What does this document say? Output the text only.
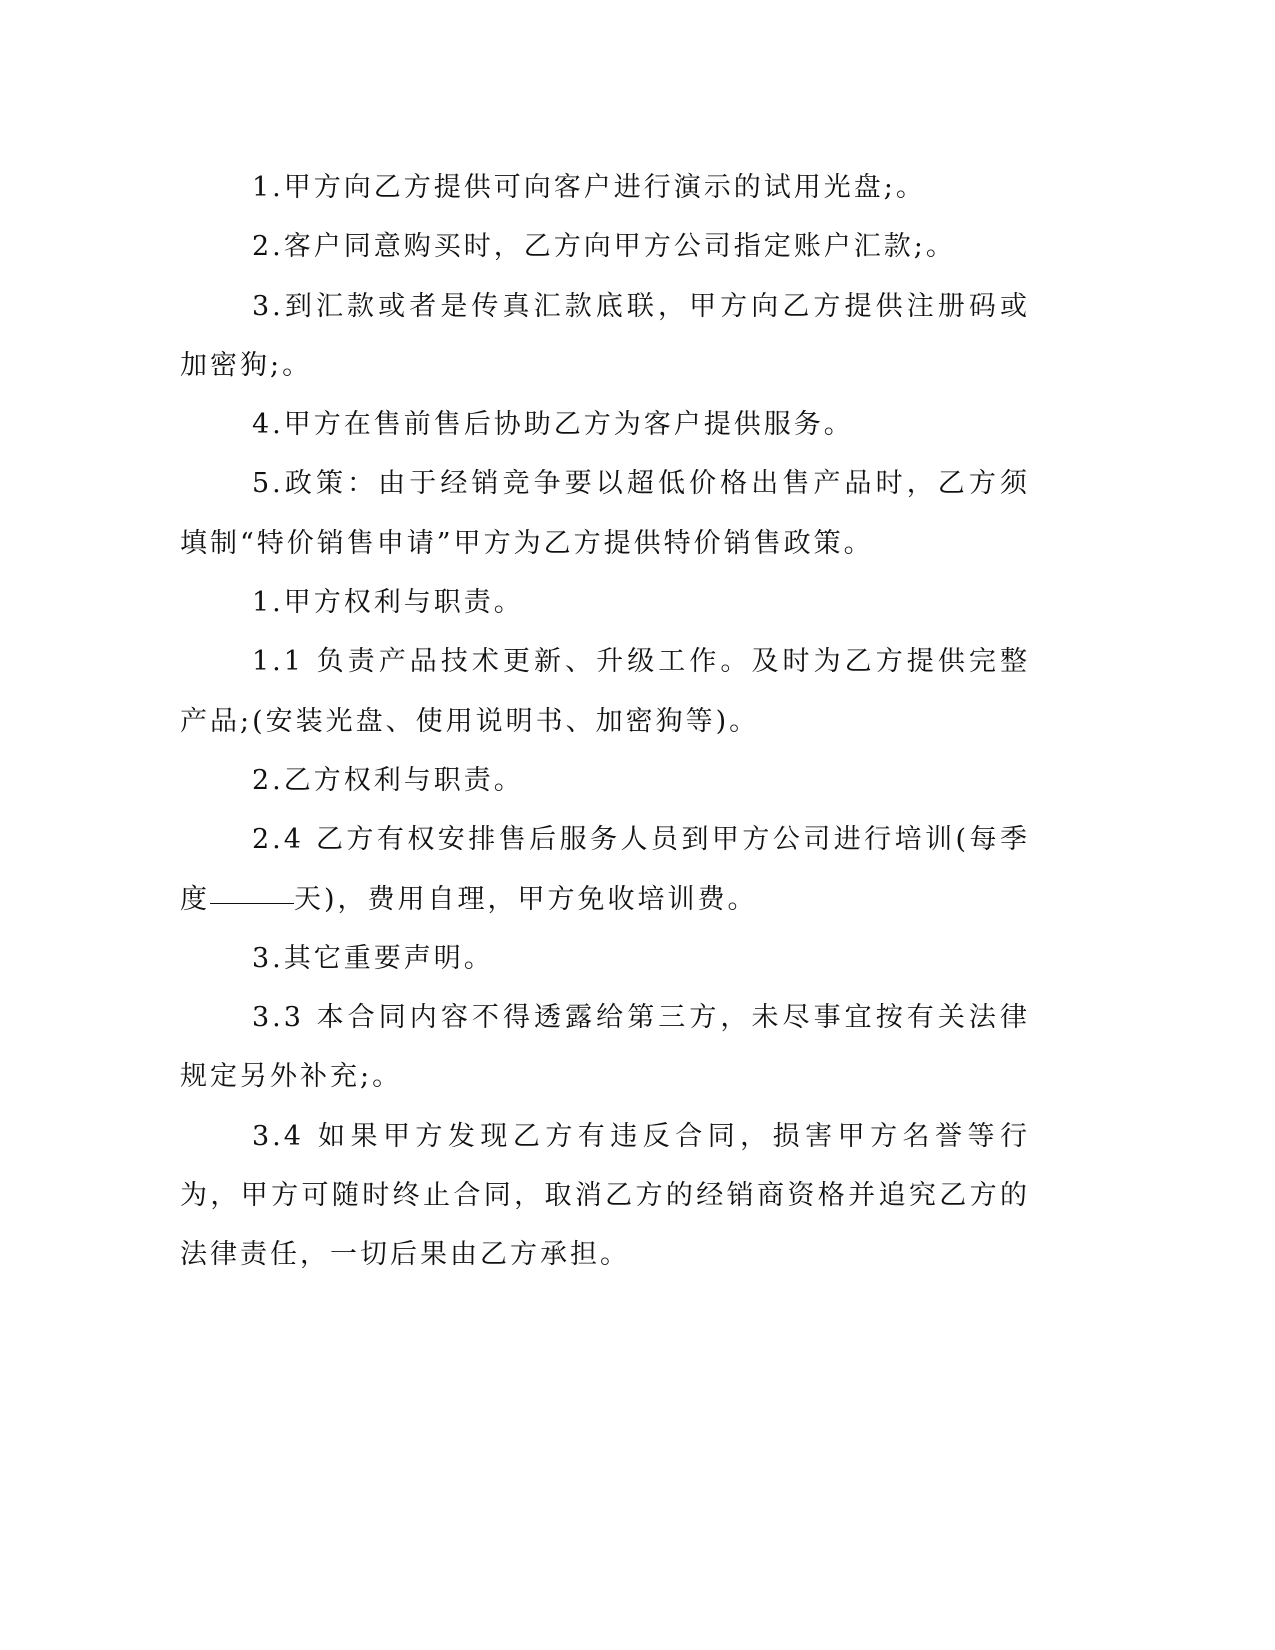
1.甲方向乙方提供可向客户进行演示的试用光盘;。

2.客户同意购买时，乙方向甲方公司指定账户汇款;。

3.到汇款或者是传真汇款底联，甲方向乙方提供注册码或加密狗;。

4.甲方在售前售后协助乙方为客户提供服务。

5.政策：由于经销竞争要以超低价格出售产品时，乙方须填制“特价销售申请”甲方为乙方提供特价销售政策。

1.甲方权利与职责。

1.1 负责产品技术更新、升级工作。及时为乙方提供完整产品;(安装光盘、使用说明书、加密狗等)。

2.乙方权利与职责。

2.4 乙方有权安排售后服务人员到甲方公司进行培训(每季度	天)，费用自理，甲方免收培训费。

3.其它重要声明。

3.3 本合同内容不得透露给第三方，未尽事宜按有关法律规定另外补充;。

3.4 如果甲方发现乙方有违反合同，损害甲方名誉等行为，甲方可随时终止合同，取消乙方的经销商资格并追究乙方的法律责任，一切后果由乙方承担。
